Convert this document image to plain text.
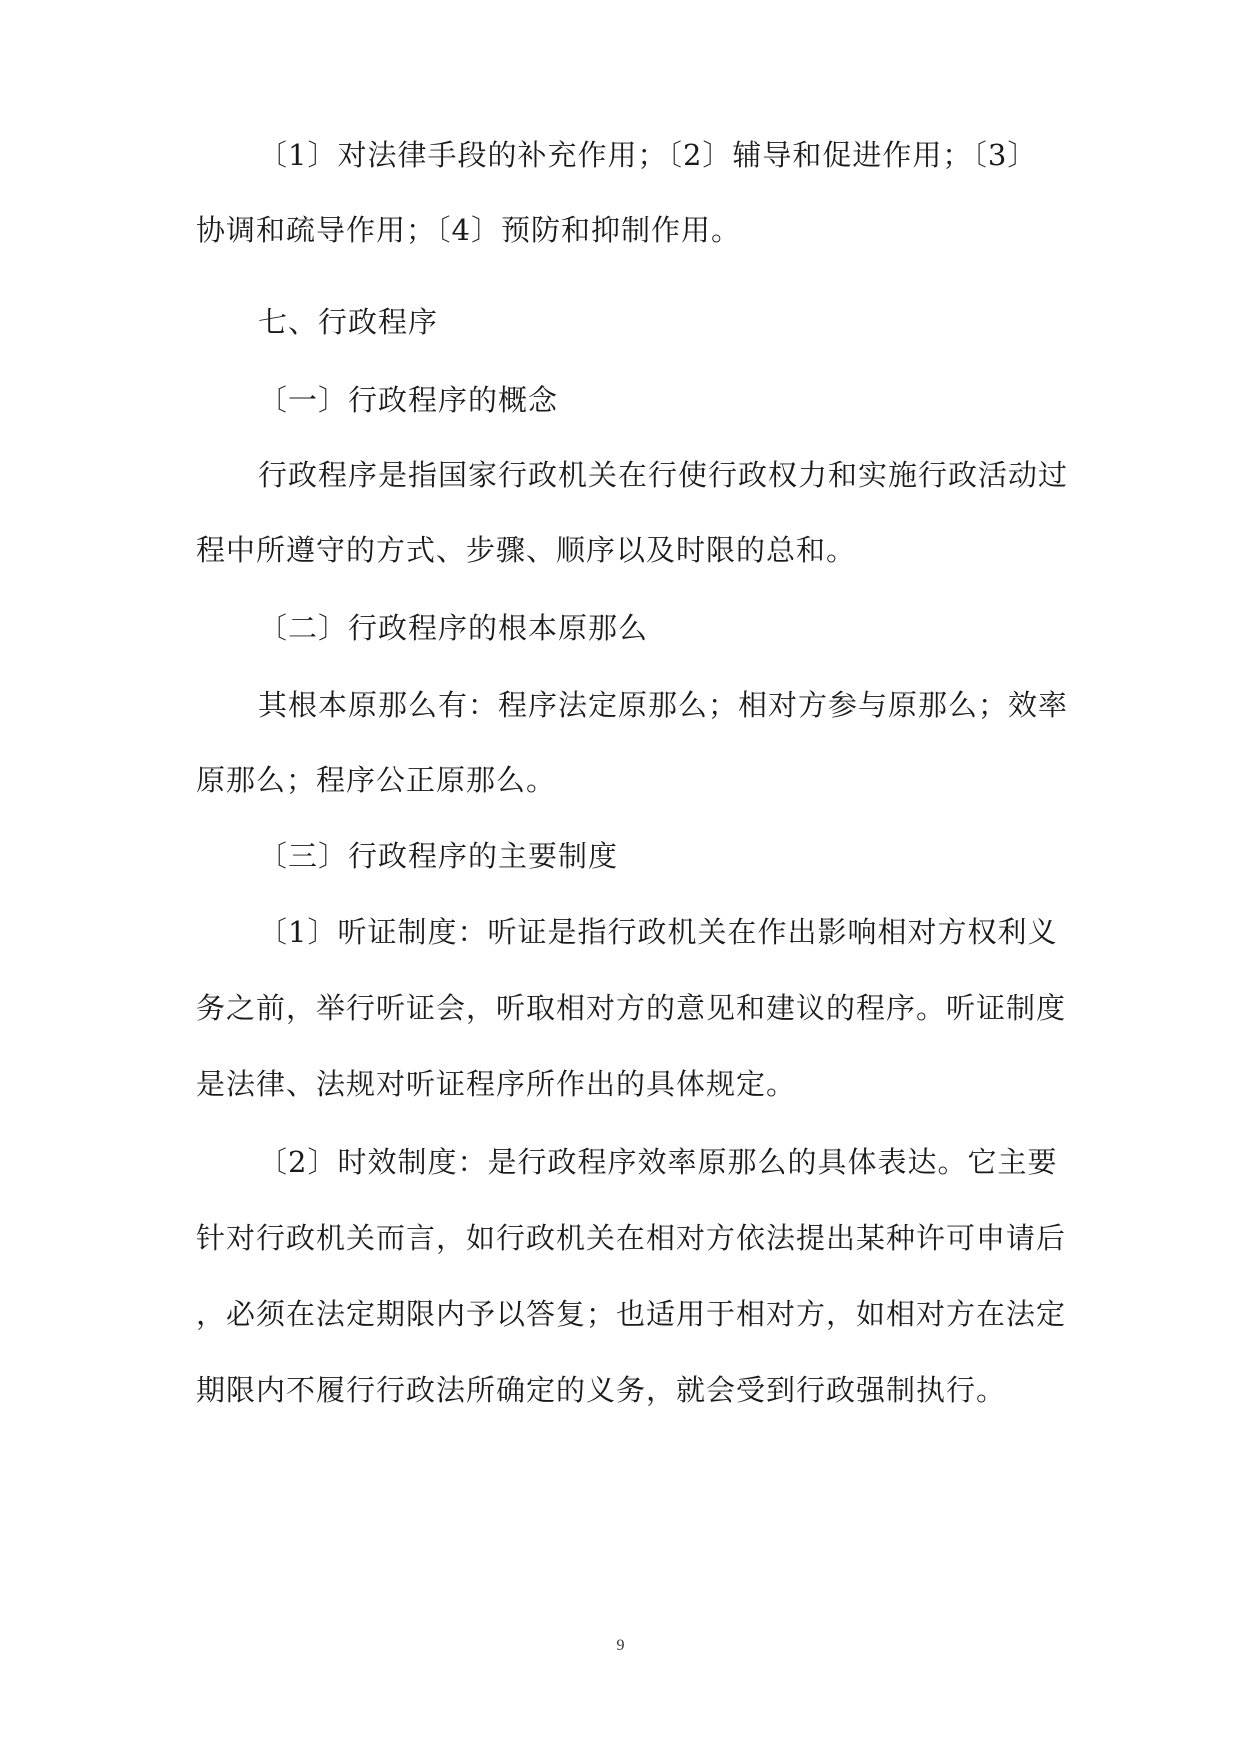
〔1〕对法律手段的补充作用；〔2〕辅导和促进作用；〔3〕
协调和疏导作用；〔4〕预防和抑制作用。
七、行政程序
〔一〕行政程序的概念
行政程序是指国家行政机关在行使行政权力和实施行政活动过
程中所遵守的方式、步骤、顺序以及时限的总和。
〔二〕行政程序的根本原那么
其根本原那么有：程序法定原那么；相对方参与原那么；效率
原那么；程序公正原那么。
〔三〕行政程序的主要制度
〔1〕听证制度：听证是指行政机关在作出影响相对方权利义
务之前，举行听证会，听取相对方的意见和建议的程序。听证制度
是法律、法规对听证程序所作出的具体规定。
〔2〕时效制度：是行政程序效率原那么的具体表达。它主要
针对行政机关而言，如行政机关在相对方依法提出某种许可申请后
，必须在法定期限内予以答复；也适用于相对方，如相对方在法定
期限内不履行行政法所确定的义务，就会受到行政强制执行。
9
